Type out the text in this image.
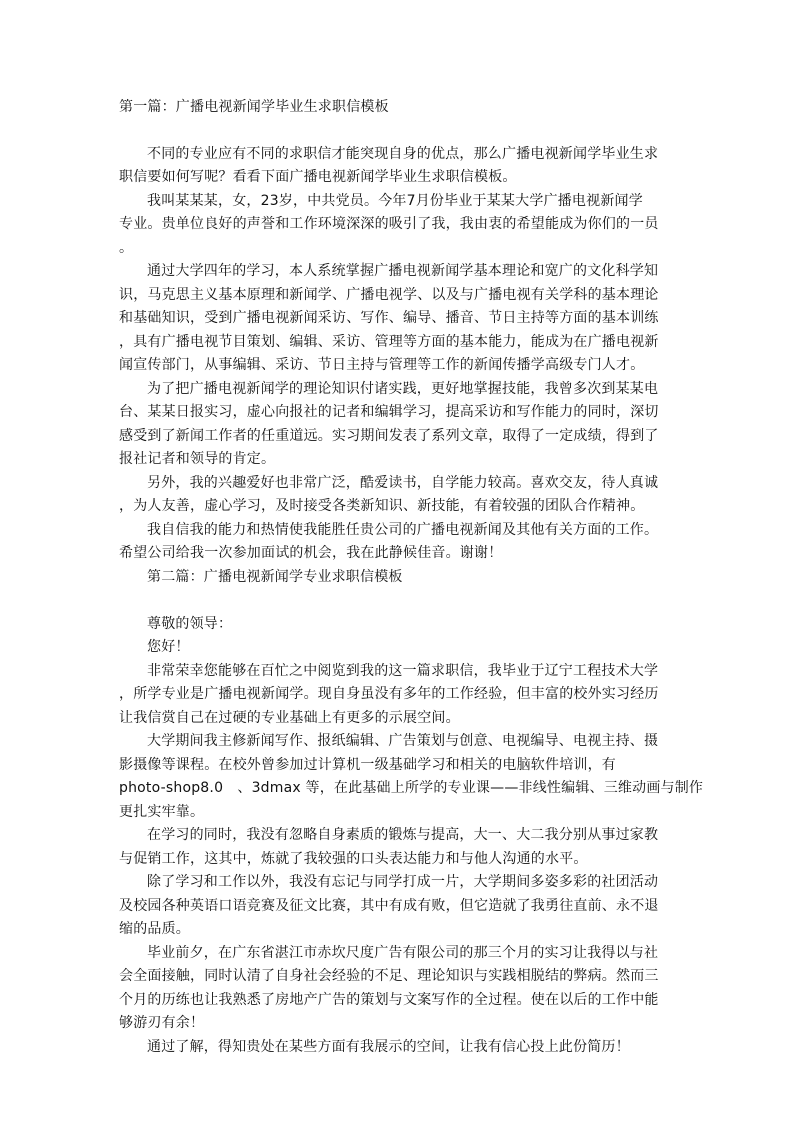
第一篇：广播电视新闻学毕业生求职信模板
不同的专业应有不同的求职信才能突现自身的优点，那么广播电视新闻学毕业生求
职信要如何写呢？看看下面广播电视新闻学毕业生求职信模板。
我叫某某某，女，23岁，中共党员。今年7月份毕业于某某大学广播电视新闻学
专业。贵单位良好的声誉和工作环境深深的吸引了我，我由衷的希望能成为你们的一员
。
通过大学四年的学习，本人系统掌握广播电视新闻学基本理论和宽广的文化科学知
识，马克思主义基本原理和新闻学、广播电视学、以及与广播电视有关学科的基本理论
和基础知识，受到广播电视新闻采访、写作、编导、播音、节日主持等方面的基本训练
，具有广播电视节目策划、编辑、采访、管理等方面的基本能力，能成为在广播电视新
闻宣传部门，从事编辑、采访、节日主持与管理等工作的新闻传播学高级专门人才。
为了把广播电视新闻学的理论知识付诸实践，更好地掌握技能，我曾多次到某某电
台、某某日报实习，虚心向报社的记者和编辑学习，提高采访和写作能力的同时，深切
感受到了新闻工作者的任重道远。实习期间发表了系列文章，取得了一定成绩，得到了
报社记者和领导的肯定。
另外，我的兴趣爱好也非常广泛，酷爱读书，自学能力较高。喜欢交友，待人真诚
，为人友善，虚心学习，及时接受各类新知识、新技能，有着较强的团队合作精神。
我自信我的能力和热情使我能胜任贵公司的广播电视新闻及其他有关方面的工作。
希望公司给我一次参加面试的机会，我在此静候佳音。谢谢！
第二篇：广播电视新闻学专业求职信模板
尊敬的领导：
您好！
非常荣幸您能够在百忙之中阅览到我的这一篇求职信，我毕业于辽宁工程技术大学
，所学专业是广播电视新闻学。现自身虽没有多年的工作经验，但丰富的校外实习经历
让我信赏自己在过硬的专业基础上有更多的示展空间。
大学期间我主修新闻写作、报纸编辑、广告策划与创意、电视编导、电视主持、摄
影摄像等课程。在校外曾参加过计算机一级基础学习和相关的电脑软件培训，有
photo-shop8.0　、3dmax 等，在此基础上所学的专业课——非线性编辑、三维动画与制作
更扎实牢靠。
在学习的同时，我没有忽略自身素质的锻炼与提高，大一、大二我分别从事过家教
与促销工作，这其中，炼就了我较强的口头表达能力和与他人沟通的水平。
除了学习和工作以外，我没有忘记与同学打成一片，大学期间多姿多彩的社团活动
及校园各种英语口语竞赛及征文比赛，其中有成有败，但它造就了我勇往直前、永不退
缩的品质。
毕业前夕，在广东省湛江市赤坎尺度广告有限公司的那三个月的实习让我得以与社
会全面接触，同时认清了自身社会经验的不足、理论知识与实践相脱结的弊病。然而三
个月的历练也让我熟悉了房地产广告的策划与文案写作的全过程。使在以后的工作中能
够游刃有余！
通过了解，得知贵处在某些方面有我展示的空间，让我有信心投上此份简历！
